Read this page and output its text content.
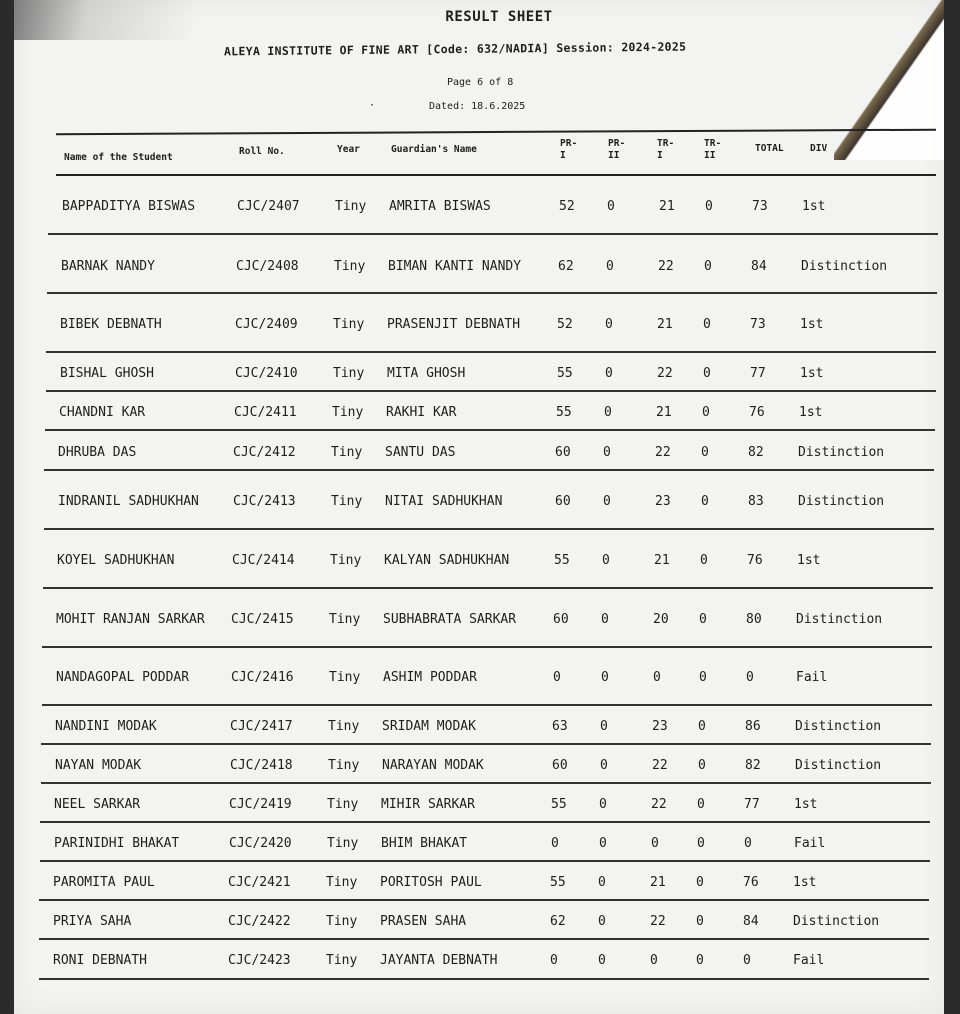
RESULT SHEET
ALEYA INSTITUTE OF FINE ART [Code: 632/NADIA] Session: 2024-2025
Page 6 of 8
·	Dated: 18.6.2025
Name of the Student
Roll No.	Year	Guardian's Name
PR-
I
PR-
II
TR-
I
TR-
II
TOTAL	DIV
BAPPADITYA BISWAS	CJC/2407	Tiny AMRITA BISWAS	52 0	21 0	73	1st
BARNAK NANDY	CJC/2408	Tiny BIMAN KANTI NANDY	62 0	22 0	84	Distinction
BIBEK DEBNATH	CJC/2409	Tiny PRASENJIT DEBNATH	52 0	21 0	73	1st
BISHAL GHOSH	CJC/2410	Tiny MITA GHOSH	55 0	22 0	77	1st
CHANDNI KAR	CJC/2411	Tiny RAKHI KAR	55 0	21 0	76	1st
DHRUBA DAS	CJC/2412	Tiny SANTU DAS	60 0	22 0	82	Distinction
INDRANIL SADHUKHAN	CJC/2413	Tiny NITAI SADHUKHAN	60 0	23 0	83	Distinction
KOYEL SADHUKHAN	CJC/2414	Tiny KALYAN SADHUKHAN	55 0	21 0	76	1st
MOHIT RANJAN SARKAR CJC/2415	Tiny SUBHABRATA SARKAR	60 0	20 0	80	Distinction
NANDAGOPAL PODDAR	CJC/2416	Tiny ASHIM PODDAR	0	0	0	0	0	Fail
NANDINI MODAK	CJC/2417	Tiny SRIDAM MODAK	63 0	23 0	86	Distinction
NAYAN MODAK	CJC/2418	Tiny NARAYAN MODAK	60 0	22 0	82	Distinction
NEEL SARKAR	CJC/2419	Tiny MIHIR SARKAR	55 0	22 0	77	1st
PARINIDHI BHAKAT	CJC/2420	Tiny BHIM BHAKAT	0	0	0	0	0	Fail
PAROMITA PAUL	CJC/2421	Tiny PORITOSH PAUL	55 0	21 0	76	1st
PRIYA SAHA	CJC/2422	Tiny PRASEN SAHA	62 0	22 0	84	Distinction
RONI DEBNATH	CJC/2423	Tiny JAYANTA DEBNATH	0	0	0	0	0	Fail
